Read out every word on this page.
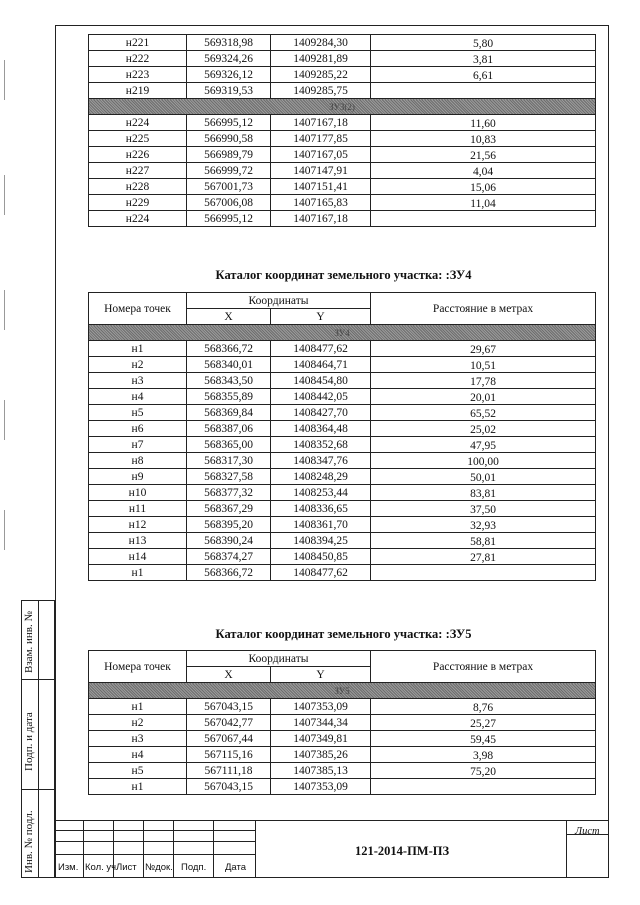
н221	569318,98	1409284,30	5,80
н222	569324,26	1409281,89	3,81
н223	569326,12	1409285,22	6,61
н219	569319,53	1409285,75	
ЗУ3(2)			
н224	566995,12	1407167,18	11,60
н225	566990,58	1407177,85	10,83
н226	566989,79	1407167,05	21,56
н227	566999,72	1407147,91	4,04
н228	567001,73	1407151,41	15,06
н229	567006,08	1407165,83	11,04
н224	566995,12	1407167,18	
Каталог координат земельного участка: :ЗУ4
Номера точек	Координаты		Расстояние в метрах
	X	Y	
ЗУ4			
н1	568366,72	1408477,62	29,67
н2	568340,01	1408464,71	10,51
н3	568343,50	1408454,80	17,78
н4	568355,89	1408442,05	20,01
н5	568369,84	1408427,70	65,52
н6	568387,06	1408364,48	25,02
н7	568365,00	1408352,68	47,95
н8	568317,30	1408347,76	100,00
н9	568327,58	1408248,29	50,01
н10	568377,32	1408253,44	83,81
н11	568367,29	1408336,65	37,50
н12	568395,20	1408361,70	32,93
н13	568390,24	1408394,25	58,81
н14	568374,27	1408450,85	27,81
н1	568366,72	1408477,62	
Каталог координат земельного участка: :ЗУ5
Номера точек	Координаты		Расстояние в метрах
	X	Y	
ЗУ5			
н1	567043,15	1407353,09	8,76
н2	567042,77	1407344,34	25,27
н3	567067,44	1407349,81	59,45
н4	567115,16	1407385,26	3,98
н5	567111,18	1407385,13	75,20
н1	567043,15	1407353,09	
Взам. инв. №
Подп. и дата
Инв. № подл. Изм. Кол. уч Лист №док. Подп. Дата
121-2014-ПМ-ПЗ
Лист
